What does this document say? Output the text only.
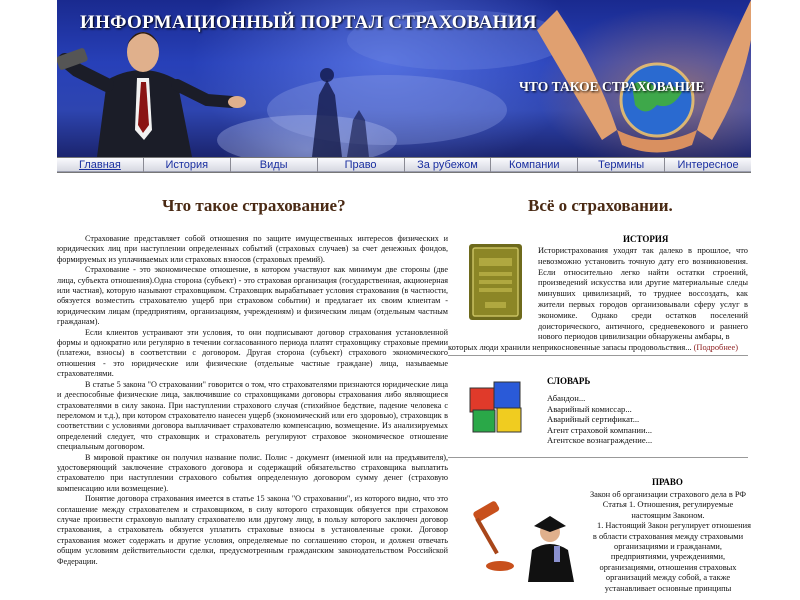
ИНФОРМАЦИОННЫЙ ПОРТАЛ СТРАХОВАНИЯ
ЧТО ТАКОЕ СТРАХОВАНИЕ
Главная	История	Виды	Право	За рубежом	Компании	Термины	Интересное
Что такое страхование?	Всё о страховании.

Страхование представляет собой отношения по защите имущественных интересов физических и юридических лиц при наступлении определенных событий (страховых случаев) за счет денежных фондов, формируемых из уплачиваемых или страховых взносов (страховых премий).

Страхование - это экономическое отношение, в котором участвуют как минимум две стороны (две лица, субъекта отношения).Одна сторона (субъект) - это страховая организация (государственная, акционерная или частная), которую называют страховщиком. Страховщик вырабатывает условия страхования (в частности, обязуется возместить страхователю ущерб при страховом событии) и предлагает их своим клиентам - юридическим лицам (предприятиям, организациям, учреждениям) и физическим лицам (отдельным частным гражданам).

Если клиентов устраивают эти условия, то они подписывают договор страхования установленной формы и однократно или регулярно в течении согласованного периода платят страховщику страховые премии (платежи, взносы) в соответствии с договором. Другая сторона (субъект) страхового экономического отношения - это юридические или физические (отдельные частные граждане) лица, называемые страхователями.

В статье 5 закона "О страховании" говорится о том, что страхователями признаются юридические лица и дееспособные физические лица, заключившие со страховщиками договоры страхования либо являющиеся страхователями в силу закона. При наступлении страхового случая (стихийное бедствие, падение человека с переломом и т.д.), при котором страхователю нанесен ущерб (экономический или его здоровью), страховщик в соответствии с условиями договора выплачивает страхователю компенсацию, возмещение. Из анализируемых определений следует, что страховщик и страхователь регулируют страховое экономическое отношение специальным договором.

В мировой практике он получил название полис. Полис - документ (именной или на предъявителя), удостоверяющий заключение страхового договора и содержащий обязательство страховщика выплатить страхователю при наступлении страхового события определенную договором сумму денег (страховую компенсацию или возмещение).

Понятие договора страхования имеется в статье 15 закона "О страховании", из которого видно, что это соглашение между страхователем и страховщиком, в силу которого страховщик обязуется при страховом случае произвести страховую выплату страхователю или другому лицу, в пользу которого заключен договор страхования, а страхователь обязуется уплатить страховые взносы в установленные сроки. Договор страхования может содержать и другие условия, определяемые по соглашению сторон, и должен отвечать общим условиям действительности сделки, предусмотренным гражданским законодательством Российской Федерации.

ИСТОРИЯ
Истористрахования уходят так далеко в прошлое, что невозможно установить точную дату его возникновения. Если относительно легко найти остатки строений, произведений искусства или другие материальные следы минувших цивилизаций, то труднее воссоздать, как жители первых городов организовывали сферу услуг в экономике. Однако среди остатков поселений доисторического, античного, средневекового и раннего нового периодов цивилизации обнаружены амбары, в
которых люди хранили неприкосновенные запасы продовольствия... (Подробнее)
СЛОВАРЬ
Абандон...
Аварийный комиссар...
Аварийный сертификат...
Агент страховой компании...
Агентское вознаграждение...
ПРАВО

Закон об организации страхового дела в РФ

Статья 1. Отношения, регулируемые настоящим Законом.

1. Настоящий Закон регулирует отношения в области страхования между страховыми организациями и гражданами, предприятиями, учреждениями, организациями, отношения страховых организаций между собой, а также устанавливает основные принципы
